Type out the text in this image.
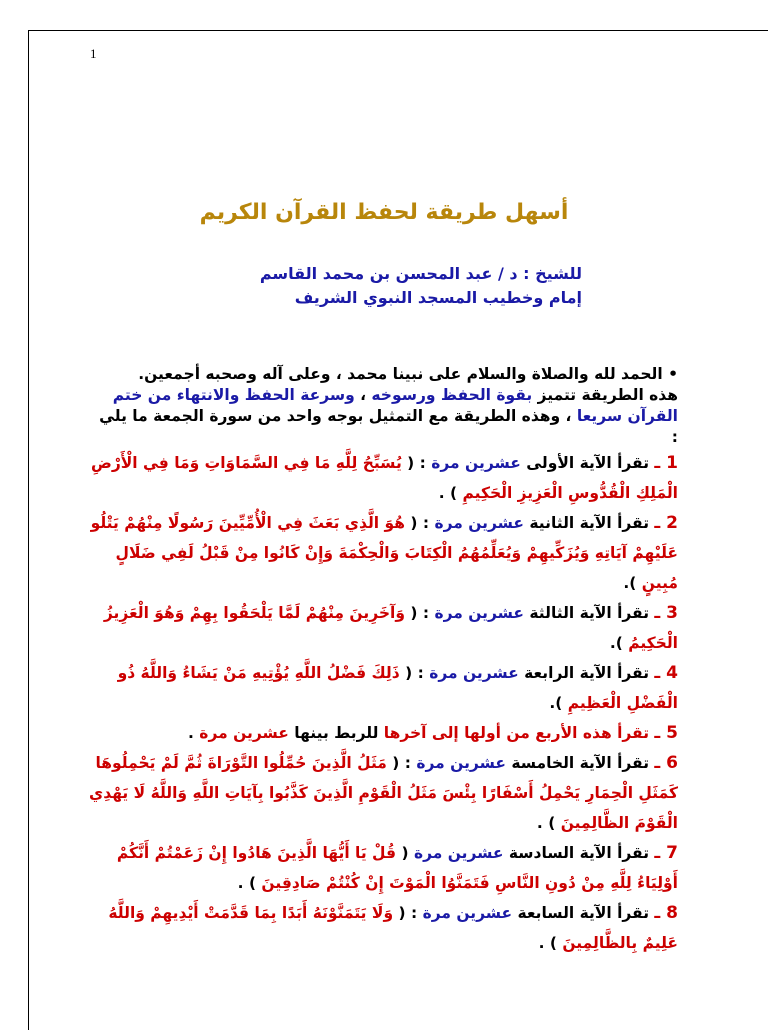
1
أسهل طريقة لحفظ القرآن الكريم
للشيخ : د / عبد المحسن بن محمد القاسم
إمام وخطيب المسجد النبوي الشريف

• الحمد لله والصلاة والسلام على نبينا محمد ، وعلى آله وصحبه أجمعين.

هذه الطريقة تتميز بقوة الحفظ ورسوخه ، وسرعة الحفظ والانتهاء من ختم القرآن سريعا ، وهذه الطريقة مع التمثيل بوجه واحد من سورة الجمعة ما يلي :

1 ـ تقرأ الآية الأولى عشرين مرة : ( يُسَبِّحُ لِلَّهِ مَا فِي السَّمَاوَاتِ وَمَا فِي الْأَرْضِ الْمَلِكِ الْقُدُّوسِ الْعَزِيزِ الْحَكِيمِ ) .

2 ـ تقرأ الآية الثانية عشرين مرة : ( هُوَ الَّذِي بَعَثَ فِي الْأُمِّيِّينَ رَسُولًا مِنْهُمْ يَتْلُو عَلَيْهِمْ آيَاتِهِ وَيُزَكِّيهِمْ وَيُعَلِّمُهُمُ الْكِتَابَ وَالْحِكْمَةَ وَإِنْ كَانُوا مِنْ قَبْلُ لَفِي ضَلَالٍ مُبِينٍ ).

3 ـ تقرأ الآية الثالثة عشرين مرة : ( وَآخَرِينَ مِنْهُمْ لَمَّا يَلْحَقُوا بِهِمْ وَهُوَ الْعَزِيزُ الْحَكِيمُ ).

4 ـ تقرأ الآية الرابعة عشرين مرة : ( ذَلِكَ فَضْلُ اللَّهِ يُؤْتِيهِ مَنْ يَشَاءُ وَاللَّهُ ذُو الْفَضْلِ الْعَظِيمِ ).

5 ـ تقرأ هذه الأربع من أولها إلى آخرها للربط بينها عشرين مرة .

6 ـ تقرأ الآية الخامسة عشرين مرة : ( مَثَلُ الَّذِينَ حُمِّلُوا التَّوْرَاةَ ثُمَّ لَمْ يَحْمِلُوهَا كَمَثَلِ الْحِمَارِ يَحْمِلُ أَسْفَارًا بِئْسَ مَثَلُ الْقَوْمِ الَّذِينَ كَذَّبُوا بِآيَاتِ اللَّهِ وَاللَّهُ لَا يَهْدِي الْقَوْمَ الظَّالِمِينَ ) .

7 ـ تقرأ الآية السادسة عشرين مرة ( قُلْ يَا أَيُّهَا الَّذِينَ هَادُوا إِنْ زَعَمْتُمْ أَنَّكُمْ أَوْلِيَاءُ لِلَّهِ مِنْ دُونِ النَّاسِ فَتَمَنَّوُا الْمَوْتَ إِنْ كُنْتُمْ صَادِقِينَ ) .

8 ـ تقرأ الآية السابعة عشرين مرة : ( وَلَا يَتَمَنَّوْنَهُ أَبَدًا بِمَا قَدَّمَتْ أَيْدِيهِمْ وَاللَّهُ عَلِيمٌ بِالظَّالِمِينَ ) .
